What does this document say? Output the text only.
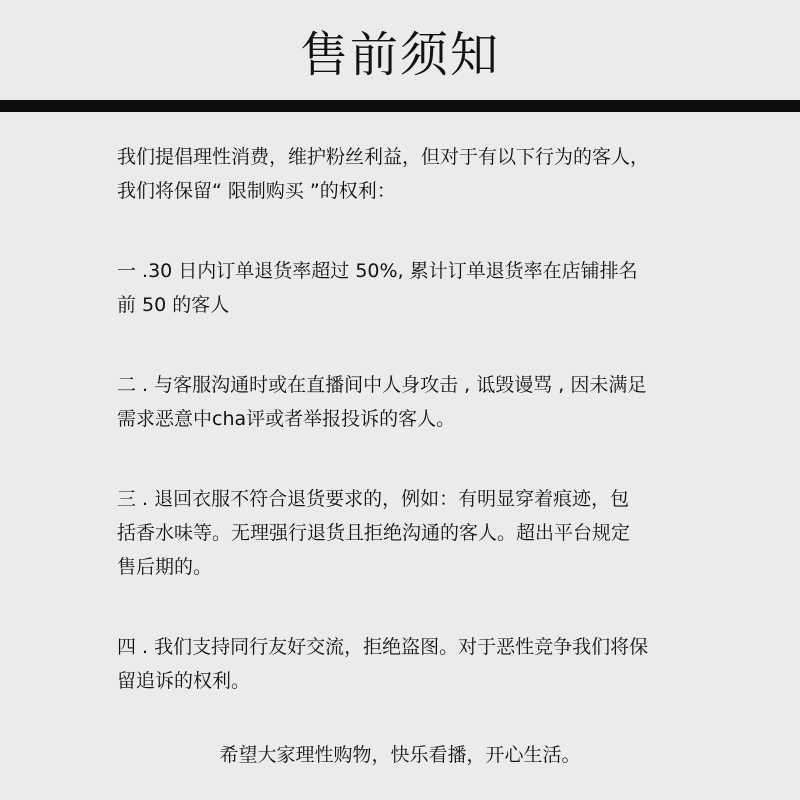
售前须知
我们提倡理性消费，维护粉丝利益，但对于有以下行为的客人，
我们将保留“ 限制购买 ”的权利：
一 .30 日内订单退货率超过 50%, 累计订单退货率在店铺排名
前 50 的客人
二 . 与客服沟通时或在直播间中人身攻击 , 诋毁谩骂 , 因未满足
需求恶意中cha评或者举报投诉的客人。
三 . 退回衣服不符合退货要求的，例如：有明显穿着痕迹，包
括香水味等。无理强行退货且拒绝沟通的客人。超出平台规定
售后期的。
四 . 我们支持同行友好交流，拒绝盗图。对于恶性竞争我们将保
留追诉的权利。
希望大家理性购物，快乐看播，开心生活。
